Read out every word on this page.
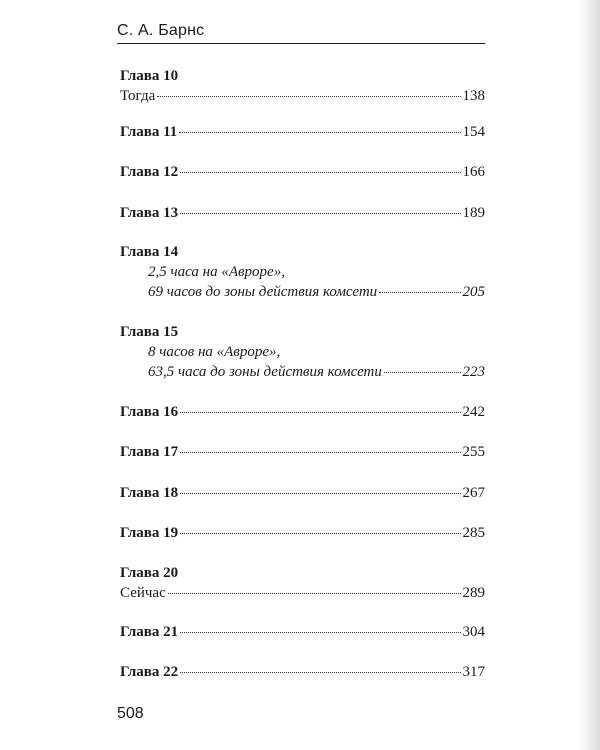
С. А. Барнс
Глава 10
Тогда	138
Глава 11	154
Глава 12	166
Глава 13	189
Глава 14
2,5 часа на «Авроре»,
69 часов до зоны действия комсети	205
Глава 15
8 часов на «Авроре»,
63,5 часа до зоны действия комсети	223
Глава 16	242
Глава 17	255
Глава 18	267
Глава 19	285
Глава 20
Сейчас	289
Глава 21	304
Глава 22	317
508
